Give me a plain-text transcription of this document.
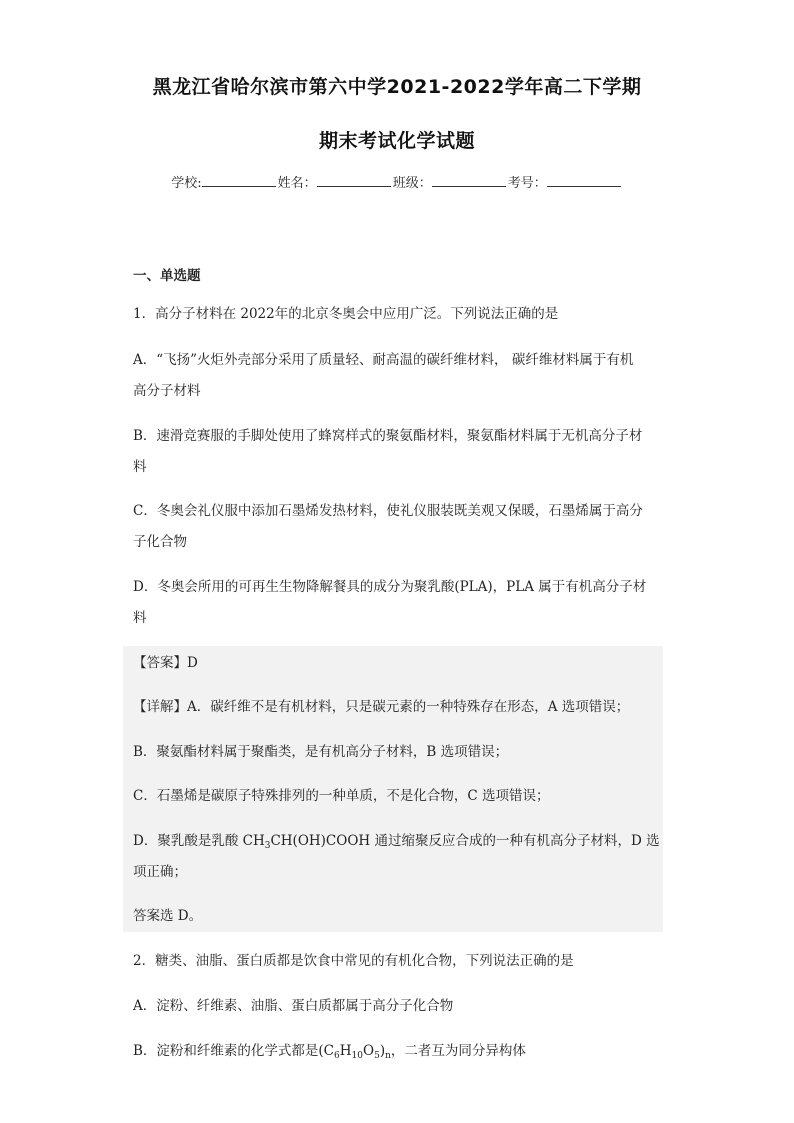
黑龙江省哈尔滨市第六中学2021-2022学年高二下学期
期末考试化学试题
学校:	姓名：	班级：	考号：
一、单选题
1．高分子材料在 2022年的北京冬奥会中应用广泛。下列说法正确的是
A．“飞扬”火炬外壳部分采用了质量轻、耐高温的碳纤维材料， 碳纤维材料属于有机
高分子材料
B．速滑竞赛服的手脚处使用了蜂窝样式的聚氨酯材料，聚氨酯材料属于无机高分子材
料
C．冬奥会礼仪服中添加石墨烯发热材料，使礼仪服装既美观又保暖，石墨烯属于高分
子化合物
D．冬奥会所用的可再生生物降解餐具的成分为聚乳酸(PLA)，PLA 属于有机高分子材
料
【答案】D
【详解】A．碳纤维不是有机材料，只是碳元素的一种特殊存在形态，A 选项错误；
B．聚氨酯材料属于聚酯类，是有机高分子材料，B 选项错误；
C．石墨烯是碳原子特殊排列的一种单质，不是化合物，C 选项错误；
D．聚乳酸是乳酸 $CH_3CH(OH)COOH$ 通过缩聚反应合成的一种有机高分子材料，D 选
项正确；
答案选 D。
2．糖类、油脂、蛋白质都是饮食中常见的有机化合物，下列说法正确的是
A．淀粉、纤维素、油脂、蛋白质都属于高分子化合物
B．淀粉和纤维素的化学式都是$(C_6H_{10}O_5)_n$，二者互为同分异构体
